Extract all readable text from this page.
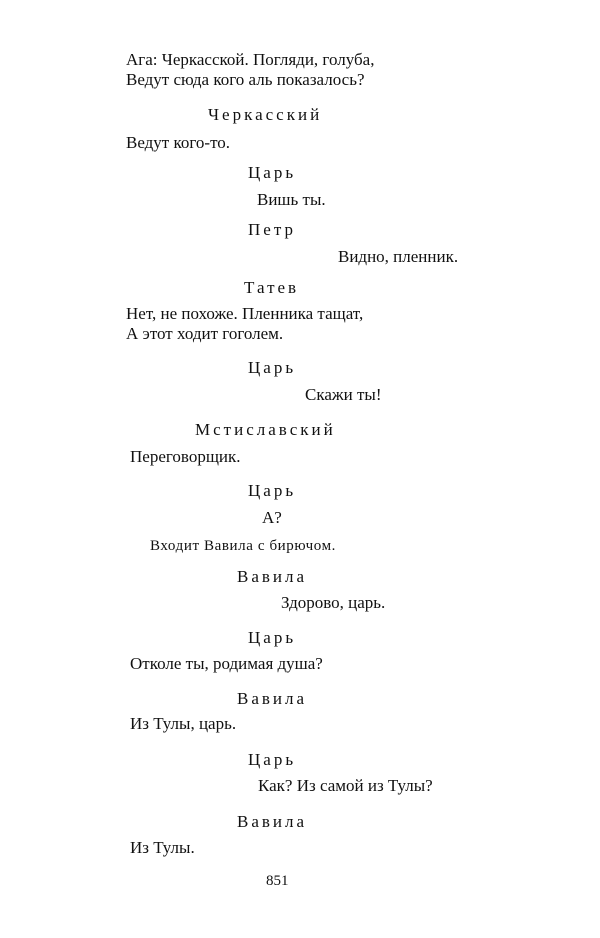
Ага: Черкасской. Погляди, голуба,
Ведут сюда кого аль показалось?
Черкасский
Ведут кого-то.
Царь
Вишь ты.
Петр
Видно, пленник.
Татев
Нет, не похоже. Пленника тащат,
А этот ходит гоголем.
Царь
Скажи ты!
Мстиславский
Переговорщик.
Царь
А?
Входит Вавила с бирючом.
Вавила
Здорово, царь.
Царь
Отколе ты, родимая душа?
Вавила
Из Тулы, царь.
Царь
Как? Из самой из Тулы?
Вавила
Из Тулы.
851
